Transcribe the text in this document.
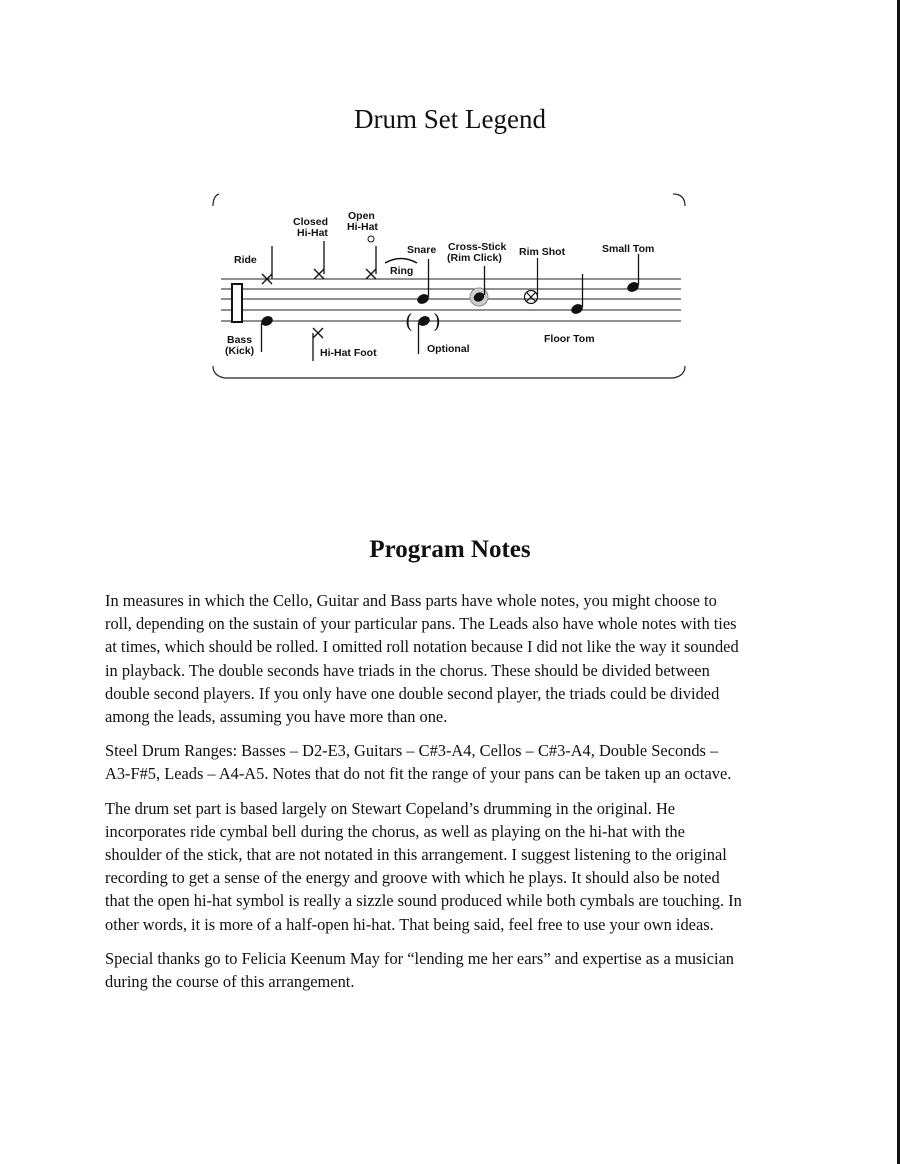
Drum Set Legend
( )
Ride
Closed
Hi-Hat
Open
Hi-Hat
Ring
Snare Cross-Stick
(Rim Click) Rim Shot	Small Tom
Bass
(Kick)	Hi-Hat Foot	Optional
Floor Tom
Program Notes

In measures in which the Cello, Guitar and Bass parts have whole notes, you might choose to
roll, depending on the sustain of your particular pans. The Leads also have whole notes with ties
at times, which should be rolled. I omitted roll notation because I did not like the way it sounded
in playback. The double seconds have triads in the chorus. These should be divided between
double second players. If you only have one double second player, the triads could be divided
among the leads, assuming you have more than one.

Steel Drum Ranges: Basses – D2-E3, Guitars – C#3-A4, Cellos – C#3-A4, Double Seconds –
A3-F#5, Leads – A4-A5. Notes that do not fit the range of your pans can be taken up an octave.

The drum set part is based largely on Stewart Copeland’s drumming in the original. He
incorporates ride cymbal bell during the chorus, as well as playing on the hi-hat with the
shoulder of the stick, that are not notated in this arrangement. I suggest listening to the original
recording to get a sense of the energy and groove with which he plays. It should also be noted
that the open hi-hat symbol is really a sizzle sound produced while both cymbals are touching. In
other words, it is more of a half-open hi-hat. That being said, feel free to use your own ideas.

Special thanks go to Felicia Keenum May for “lending me her ears” and expertise as a musician
during the course of this arrangement.
